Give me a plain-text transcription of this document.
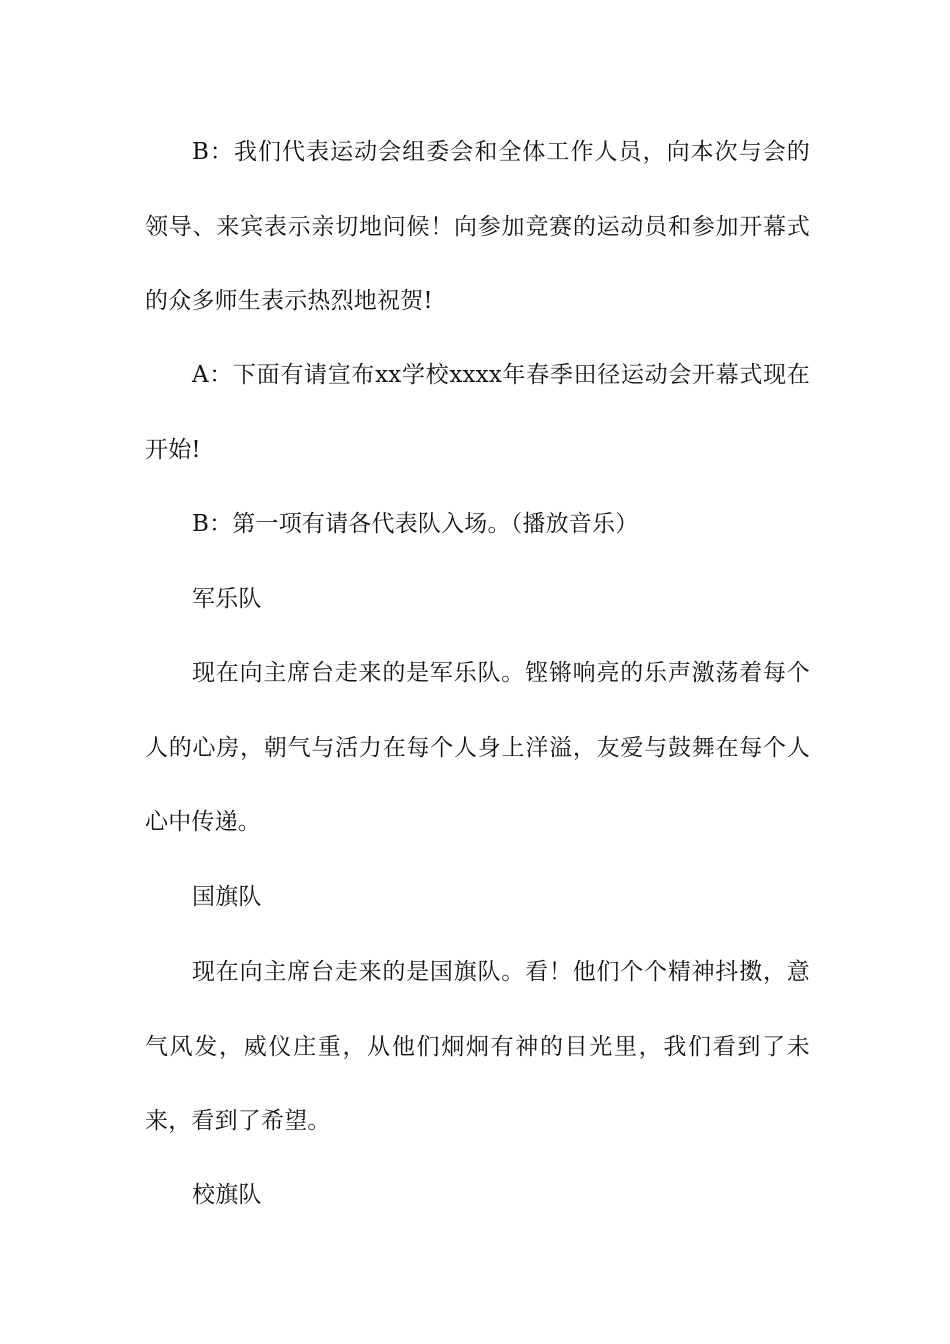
B：我们代表运动会组委会和全体工作人员，向本次与会的领导、来宾表示亲切地问候！向参加竞赛的运动员和参加开幕式的众多师生表示热烈地祝贺!

A：下面有请宣布xx学校xxxx年春季田径运动会开幕式现在开始!

B：第一项有请各代表队入场。（播放音乐）

军乐队

现在向主席台走来的是军乐队。铿锵响亮的乐声激荡着每个人的心房，朝气与活力在每个人身上洋溢，友爱与鼓舞在每个人心中传递。

国旗队

现在向主席台走来的是国旗队。看！他们个个精神抖擞，意气风发，威仪庄重，从他们炯炯有神的目光里，我们看到了未来，看到了希望。

校旗队
